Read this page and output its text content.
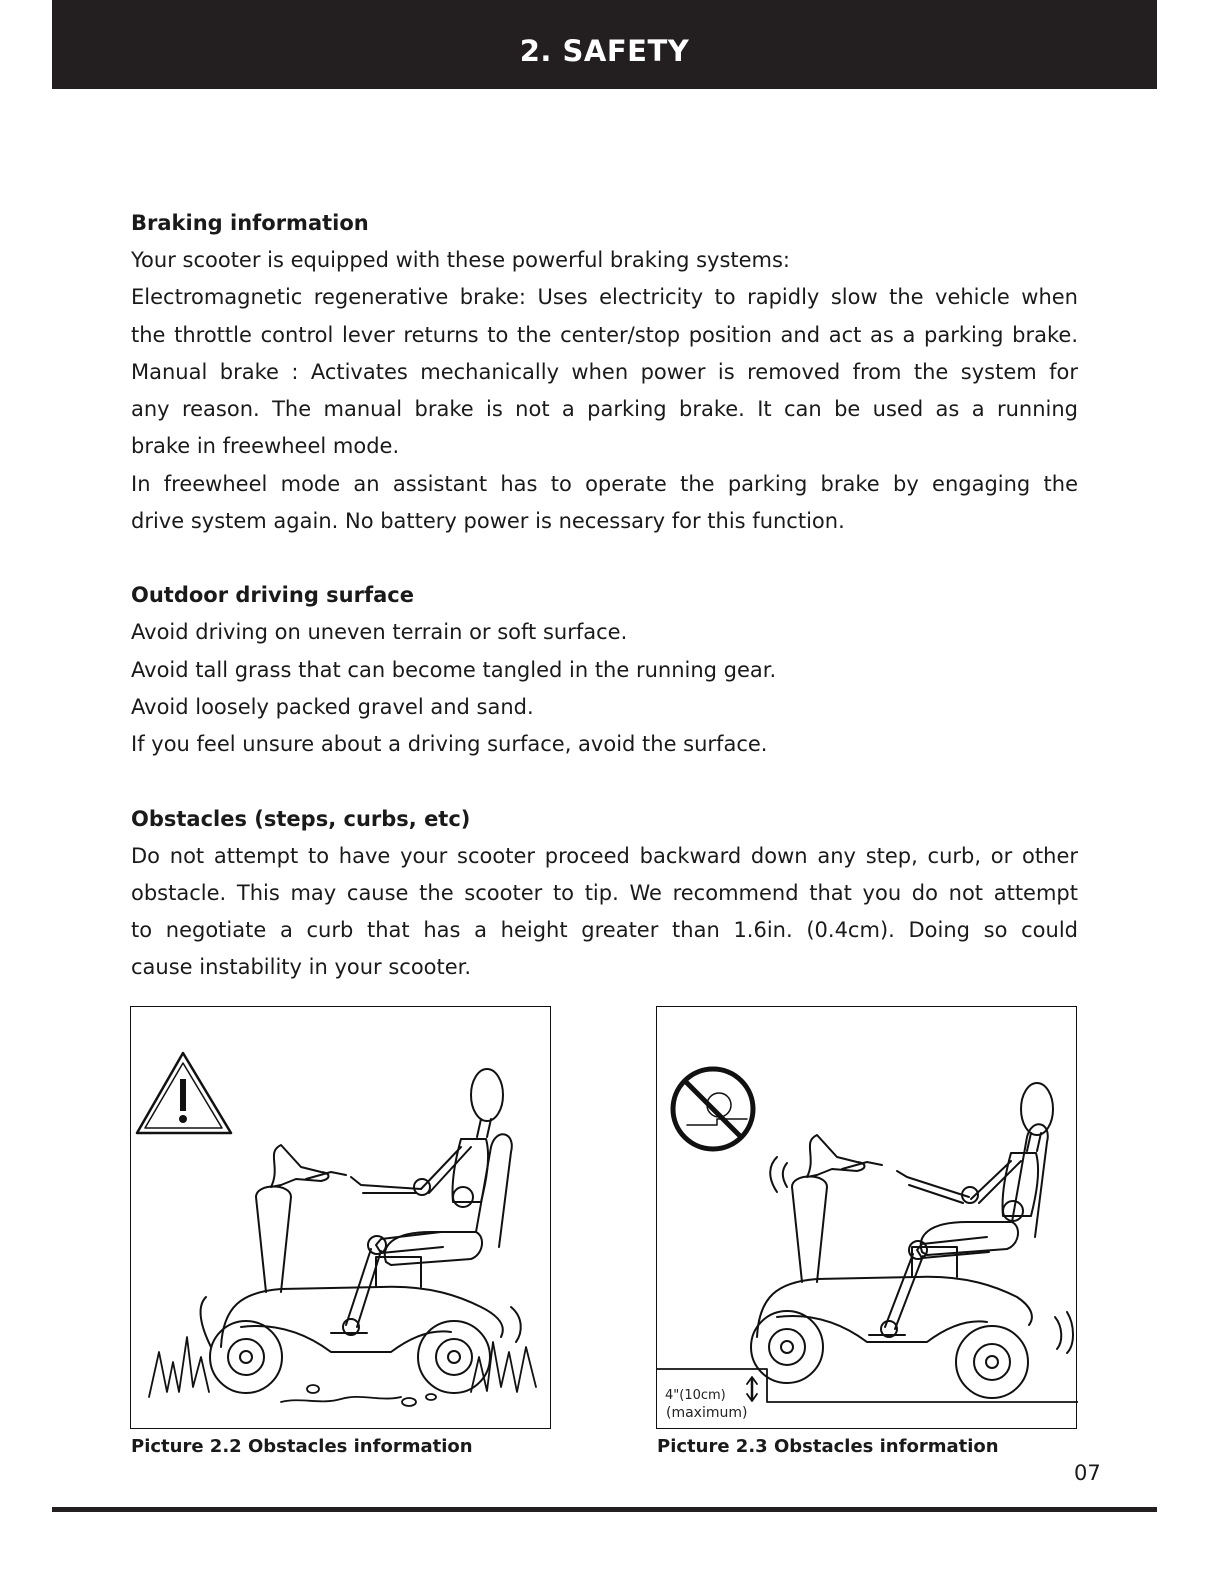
2. SAFETY
Braking information

Your scooter is equipped with these powerful braking systems:

Electromagnetic regenerative brake: Uses electricity to rapidly slow the vehicle when

the throttle control lever returns to the center/stop position and act as a parking brake.

Manual brake : Activates mechanically when power is removed from the system for

any reason. The manual brake is not a parking brake. It can be used as a running

brake in freewheel mode.

In freewheel mode an assistant has to operate the parking brake by engaging the

drive system again. No battery power is necessary for this function.

Outdoor driving surface

Avoid driving on uneven terrain or soft surface.

Avoid tall grass that can become tangled in the running gear.

Avoid loosely packed gravel and sand.

If you feel unsure about a driving surface, avoid the surface.

Obstacles (steps, curbs, etc)

Do not attempt to have your scooter proceed backward down any step, curb, or other

obstacle. This may cause the scooter to tip. We recommend that you do not attempt

to negotiate a curb that has a height greater than 1.6in. (0.4cm). Doing so could

cause instability in your scooter.

4"(10cm)
(maximum)
Picture 2.2 Obstacles information	Picture 2.3 Obstacles information
07
